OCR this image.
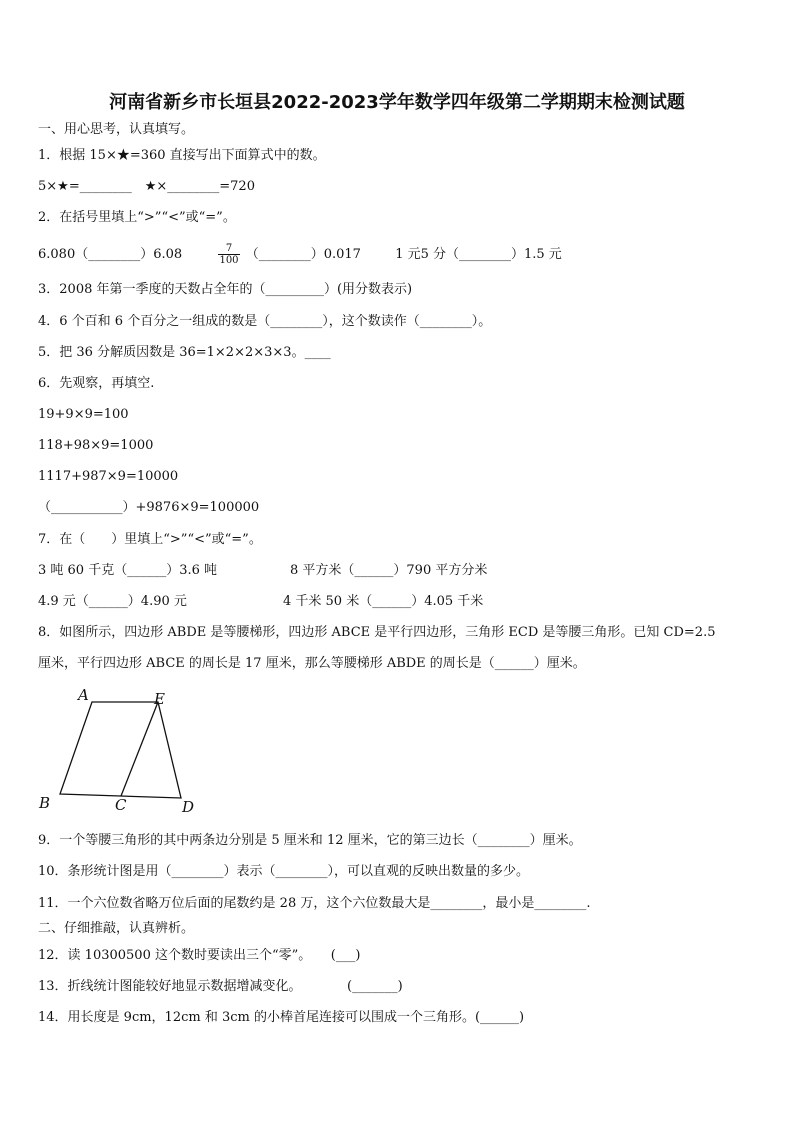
河南省新乡市长垣县2022-2023学年数学四年级第二学期期末检测试题
一、用心思考，认真填写。
1．根据 15×★=360 直接写出下面算式中的数。
5×★=________　★×________=720
2．在括号里填上“>”“<”或“=”。
6.080（________）6.08	$\frac{7}{100}$ （________）0.017	1 元5 分（________）1.5 元
3．2008 年第一季度的天数占全年的（_________）(用分数表示)
4．6 个百和 6 个百分之一组成的数是（________），这个数读作（________）。
5．把 36 分解质因数是 36=1×2×2×3×3。____
6．先观察，再填空.
19+9×9=100
118+98×9=1000
1117+987×9=10000
（___________）+9876×9=100000
7．在（　　）里填上“>”“<”或“=”。
3 吨 60 千克（______）3.6 吨	8 平方米（______）790 平方分米
4.9 元（______）4.90 元	4 千米 50 米（______）4.05 千米
8．如图所示，四边形 ABDE 是等腰梯形，四边形 ABCE 是平行四边形，三角形 ECD 是等腰三角形。已知 CD=2.5
厘米，平行四边形 ABCE 的周长是 17 厘米，那么等腰梯形 ABDE 的周长是（______）厘米。
A	E
B	C	D
9．一个等腰三角形的其中两条边分别是 5 厘米和 12 厘米，它的第三边长（________）厘米。
10．条形统计图是用（________）表示（________），可以直观的反映出数量的多少。
11．一个六位数省略万位后面的尾数约是 28 万，这个六位数最大是________，最小是________.
二、仔细推敲，认真辨析。
12．读 10300500 这个数时要读出三个“零”。　　(___)
13．折线统计图能较好地显示数据增减变化。　　　　(_______)
14．用长度是 9cm，12cm 和 3cm 的小棒首尾连接可以围成一个三角形。(______)
